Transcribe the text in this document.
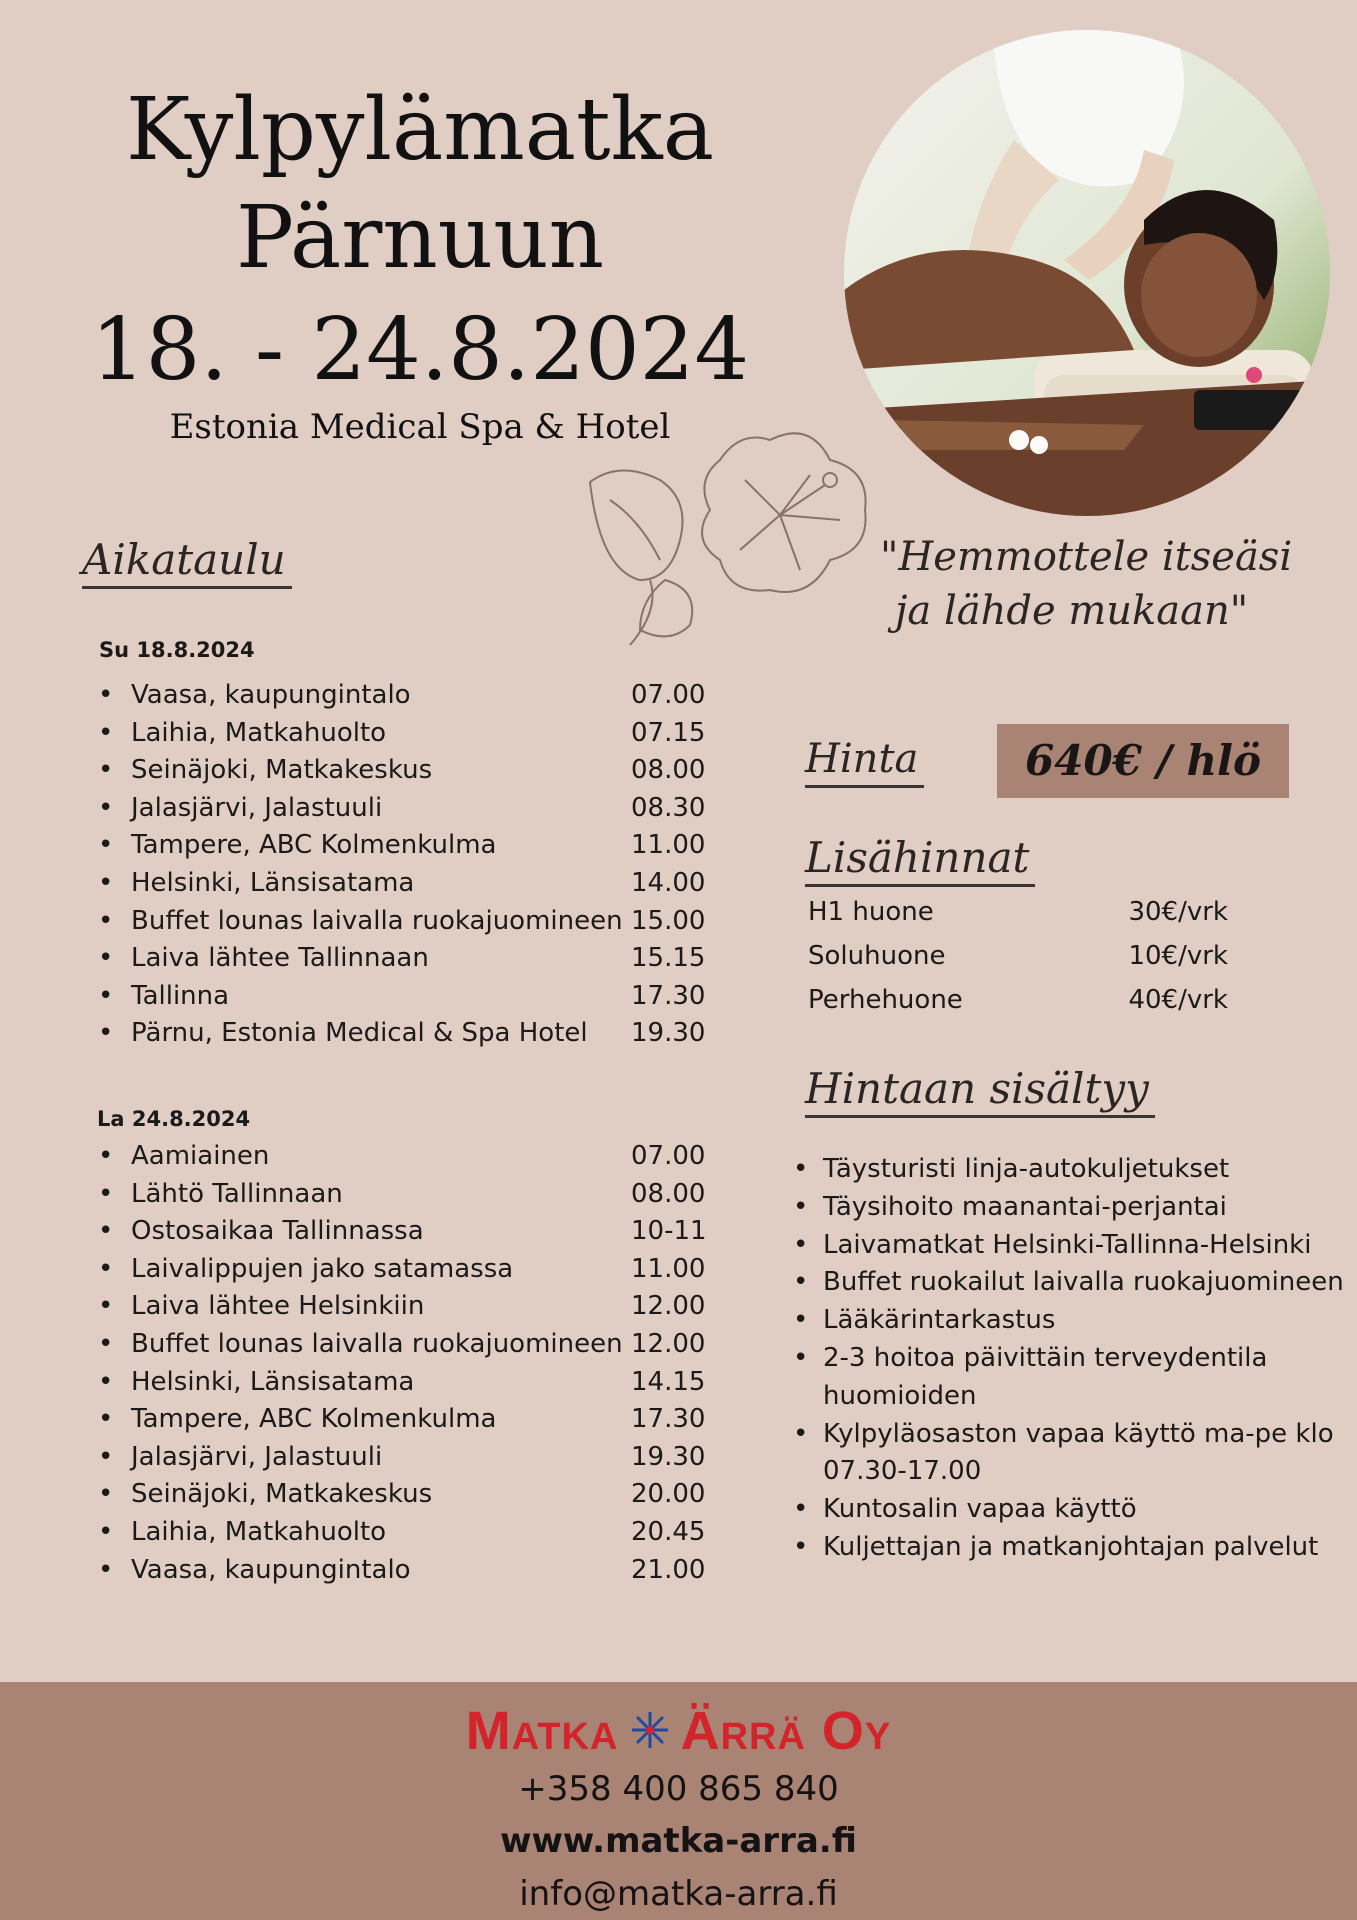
Kylpylämatka
Pärnuun
18. - 24.8.2024
Estonia Medical Spa & Hotel
"Hemmottele itseäsi
ja lähde mukaan"
Aikataulu
Su 18.8.2024
• Vaasa, kaupungintalo	07.00
• Laihia, Matkahuolto	07.15
• Seinäjoki, Matkakeskus	08.00
• Jalasjärvi, Jalastuuli	08.30
• Tampere, ABC Kolmenkulma	11.00
• Helsinki, Länsisatama	14.00
• Buffet lounas laivalla ruokajuomineen 15.00
• Laiva lähtee Tallinnaan	15.15
• Tallinna	17.30
• Pärnu, Estonia Medical & Spa Hotel 19.30
La 24.8.2024
• Aamiainen	07.00
• Lähtö Tallinnaan	08.00
• Ostosaikaa Tallinnassa	10-11
• Laivalippujen jako satamassa	11.00
• Laiva lähtee Helsinkiin	12.00
• Buffet lounas laivalla ruokajuomineen 12.00
• Helsinki, Länsisatama	14.15
• Tampere, ABC Kolmenkulma	17.30
• Jalasjärvi, Jalastuuli	19.30
• Seinäjoki, Matkakeskus	20.00
• Laihia, Matkahuolto	20.45
• Vaasa, kaupungintalo	21.00
Hinta	640€ / hlö
Lisähinnat
H1 huone	30€/vrk
Soluhuone	10€/vrk
Perhehuone	40€/vrk
Hintaan sisältyy
• Täysturisti linja-autokuljetukset
• Täysihoito maanantai-perjantai
• Laivamatkat Helsinki-Tallinna-Helsinki
• Buffet ruokailut laivalla ruokajuomineen
• Lääkärintarkastus
• 2-3 hoitoa päivittäin terveydentila huomioiden
• Kylpyläosaston vapaa käyttö ma-pe klo 07.30-17.00
• Kuntosalin vapaa käyttö
• Kuljettajan ja matkanjohtajan palvelut
Matka Ärrä Oy
+358 400 865 840
www.matka-arra.fi
info@matka-arra.fi
